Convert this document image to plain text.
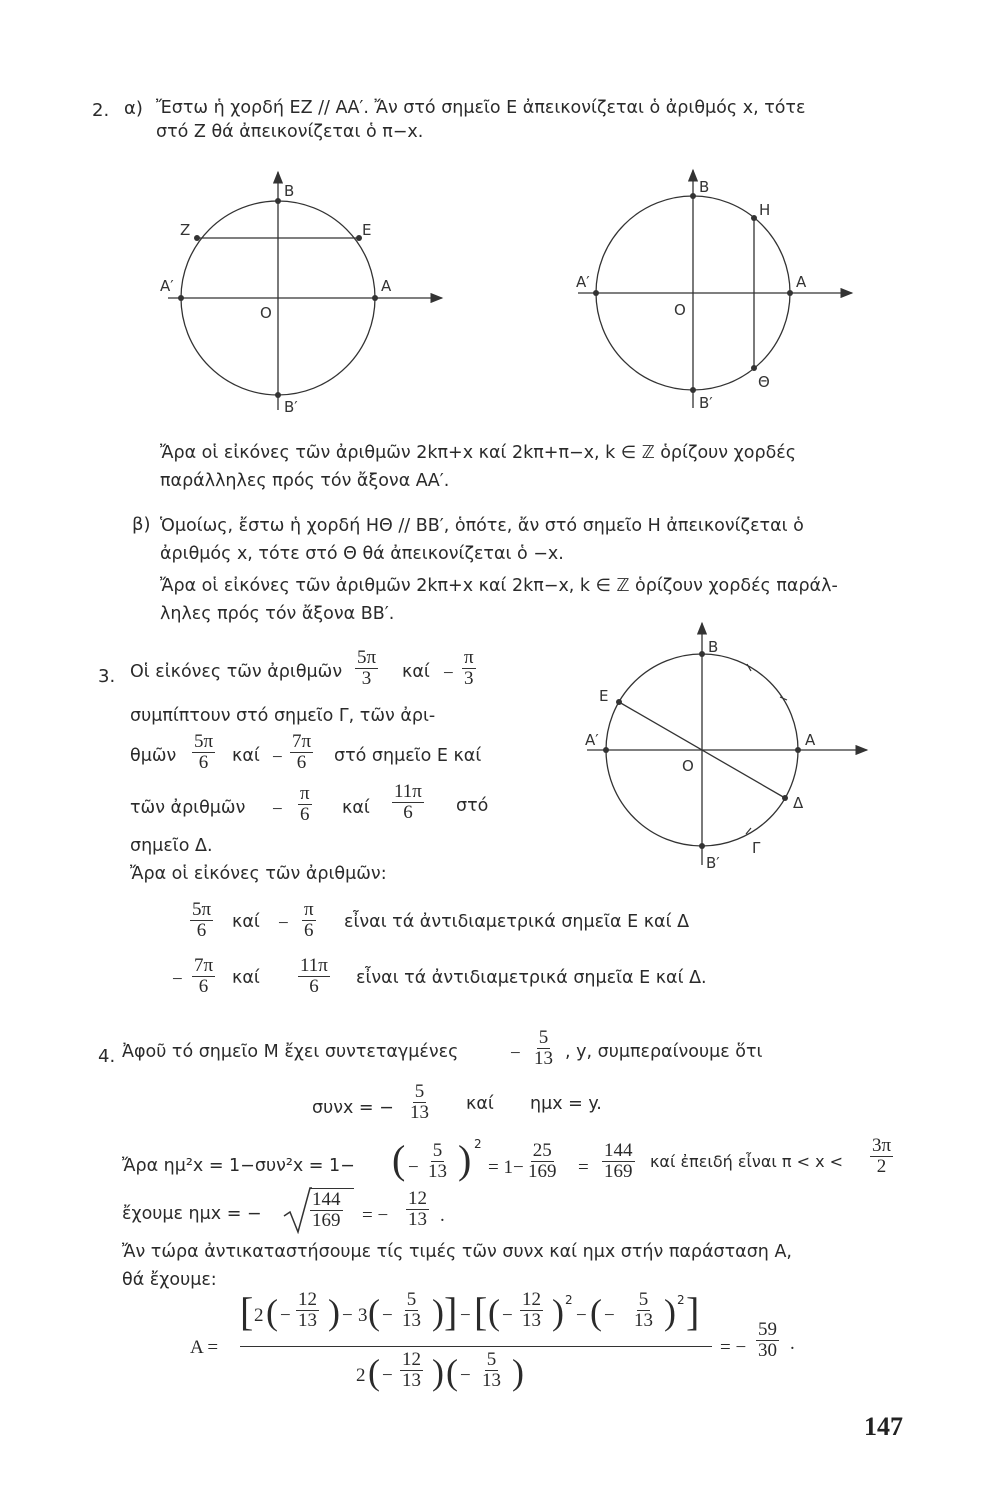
2. α) Ἔστω ἡ χορδή ΕΖ // ΑΑ′. Ἄν στό σημεῖο Ε ἀπεικονίζεται ὁ ἀριθμός x, τότε
στό Ζ θά ἀπεικονίζεται ὁ π−x.
Β
Ζ	Ε
Α′	Α
Ο
Β′
Β
Η
Α′	Α
Ο
Θ
Β′
Ἄρα οἱ εἰκόνες τῶν ἀριθμῶν 2kπ+x καί 2kπ+π−x, k ∈ ℤ ὁρίζουν χορδές
παράλληλες πρός τόν ἄξονα ΑΑ′.
β) Ὁμοίως, ἔστω ἡ χορδή ΗΘ // ΒΒ′, ὁπότε, ἄν στό σημεῖο Η ἀπεικονίζεται ὁ
ἀριθμός x, τότε στό Θ θά ἀπεικονίζεται ὁ −x.
Ἄρα οἱ εἰκόνες τῶν ἀριθμῶν 2kπ+x καί 2kπ−x, k ∈ ℤ ὁρίζουν χορδές παράλ-
ληλες πρός τόν ἄξονα ΒΒ′.
3. Οἱ εἰκόνες τῶν ἀριθμῶν
5π
3 καί −
π
3
συμπίπτουν στό σημεῖο Γ, τῶν ἀρι-
θμῶν
5π
6 καί −
7π
6 στό σημεῖο Ε καί
τῶν ἀριθμῶν −
π
6 καί
11π
6 στό
σημεῖο Δ.
Ἄρα οἱ εἰκόνες τῶν ἀριθμῶν:
5π
6 καί −
π
6 εἶναι τά ἀντιδιαμετρικά σημεῖα Ε καί Δ
−
7π
6 καί
11π
6 εἶναι τά ἀντιδιαμετρικά σημεῖα Ε καί Δ.
Β
Ε
Α′	Α
Ο
Δ
Γ
Β′
4. Ἀφοῦ τό σημεῖο Μ ἔχει συντεταγμένες	−
5
13 , y, συμπεραίνουμε ὅτι
συνx = −
5
13 καί ημx = y.
Ἄρα ημ²x = 1−συν²x = 1− ( −
5
13 ) 2
= 1−
25
169 =
144
169 καί ἐπειδή εἶναι π < x <
3π
2
ἔχουμε ημx = −
144
169 = −
12
13 .
Ἄν τώρα ἀντικαταστήσουμε τίς τιμές τῶν συνx καί ημx στήν παράσταση Α,
θά ἔχουμε:
A =
[ 2 ( −
12
13 ) − 3 ( −
5
13 ) ] − [ ( −
12
13 ) 2
− ( −
5
13 ) 2 ]
2 ( −
12
13 ) ( −
5
13 )
= −
59
30 .
147
